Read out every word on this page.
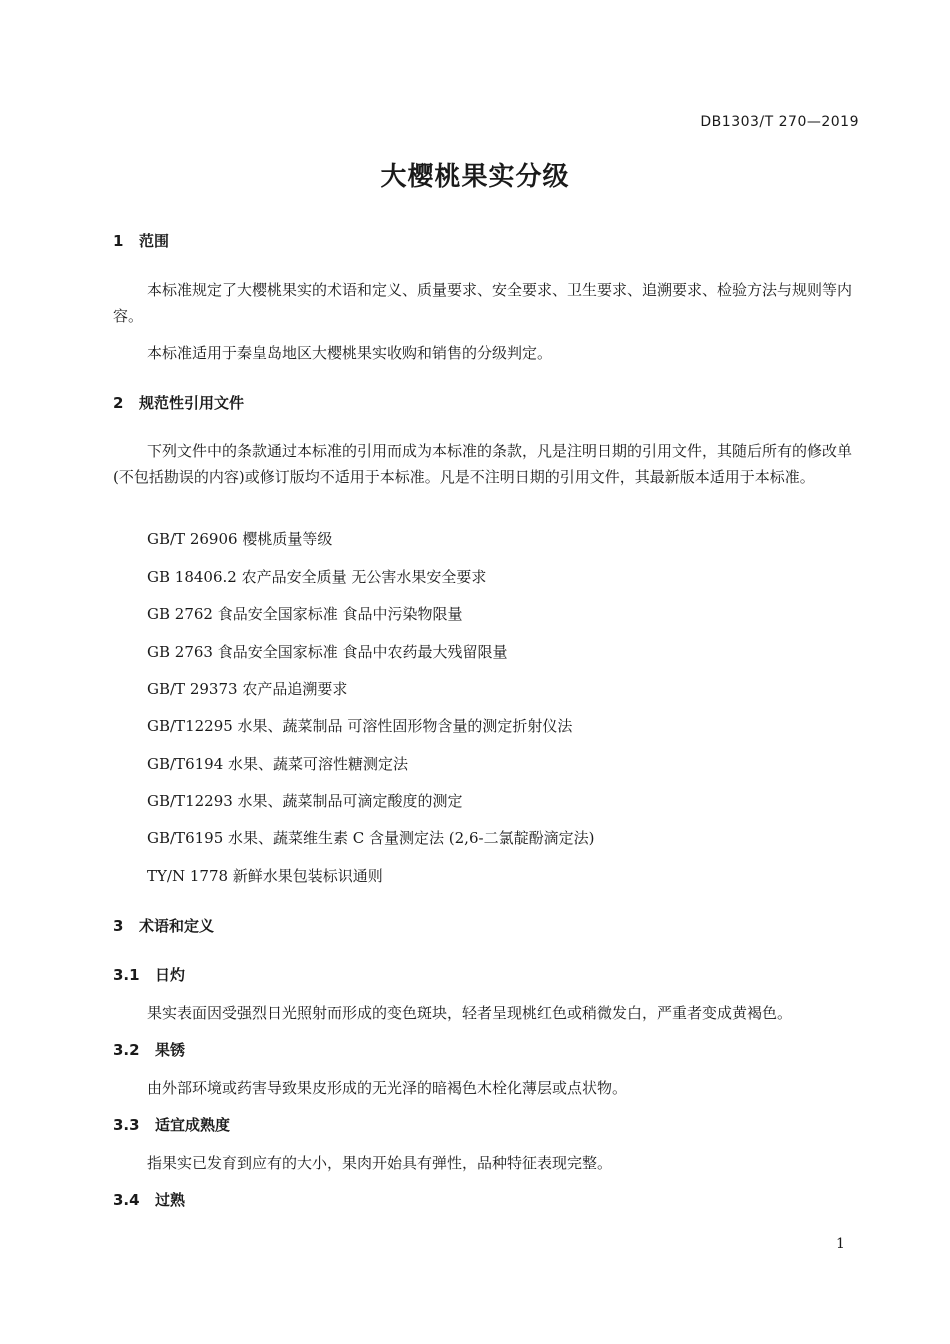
DB1303/T 270—2019
大樱桃果实分级
1 范围
本标准规定了大樱桃果实的术语和定义、质量要求、安全要求、卫生要求、追溯要求、检验方法与规则等内容。
本标准适用于秦皇岛地区大樱桃果实收购和销售的分级判定。
2 规范性引用文件
下列文件中的条款通过本标准的引用而成为本标准的条款，凡是注明日期的引用文件，其随后所有的修改单(不包括勘误的内容)或修订版均不适用于本标准。凡是不注明日期的引用文件，其最新版本适用于本标准。
GB/T 26906 樱桃质量等级
GB 18406.2 农产品安全质量 无公害水果安全要求
GB 2762 食品安全国家标准 食品中污染物限量
GB 2763 食品安全国家标准 食品中农药最大残留限量
GB/T 29373 农产品追溯要求
GB/T12295 水果、蔬菜制品 可溶性固形物含量的测定折射仪法
GB/T6194 水果、蔬菜可溶性糖测定法
GB/T12293 水果、蔬菜制品可滴定酸度的测定
GB/T6195 水果、蔬菜维生素 C 含量测定法 (2,6-二氯靛酚滴定法)
TY/N 1778 新鲜水果包装标识通则
3 术语和定义
3.1 日灼
果实表面因受强烈日光照射而形成的变色斑块，轻者呈现桃红色或稍微发白，严重者变成黄褐色。
3.2 果锈
由外部环境或药害导致果皮形成的无光泽的暗褐色木栓化薄层或点状物。
3.3 适宜成熟度
指果实已发育到应有的大小，果肉开始具有弹性，品种特征表现完整。
3.4 过熟
1
